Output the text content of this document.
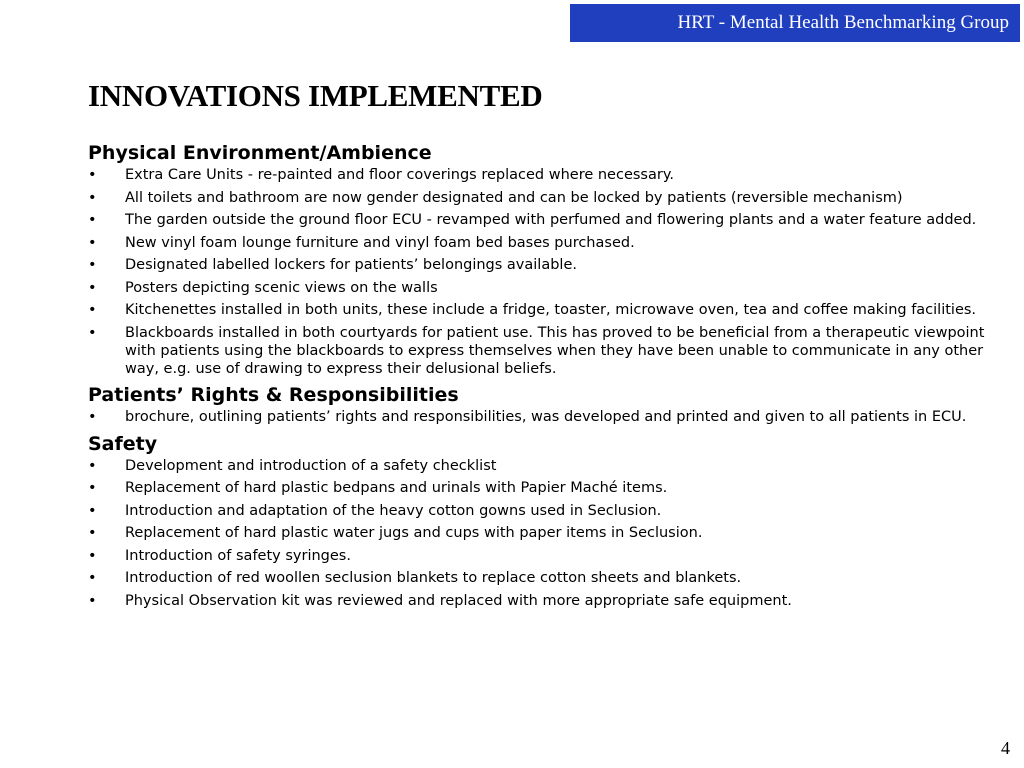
HRT - Mental Health Benchmarking Group
INNOVATIONS IMPLEMENTED
Physical Environment/Ambience
• Extra Care Units - re-painted and floor coverings replaced where necessary.
• All toilets and bathroom are now gender designated and can be locked by patients (reversible mechanism)
• The garden outside the ground floor ECU - revamped with perfumed and flowering plants and a water feature added.
• New vinyl foam lounge furniture and vinyl foam bed bases purchased.
• Designated labelled lockers for patients’ belongings available.
• Posters depicting scenic views on the walls
• Kitchenettes installed in both units, these include a fridge, toaster, microwave oven, tea and coffee making facilities.
• Blackboards installed in both courtyards for patient use. This has proved to be beneficial from a therapeutic viewpoint with patients using the blackboards to express themselves when they have been unable to communicate in any other way, e.g. use of drawing to express their delusional beliefs.
Patients’ Rights & Responsibilities
• brochure, outlining patients’ rights and responsibilities, was developed and printed and given to all patients in ECU.
Safety
• Development and introduction of a safety checklist
• Replacement of hard plastic bedpans and urinals with Papier Maché items.
• Introduction and adaptation of the heavy cotton gowns used in Seclusion.
• Replacement of hard plastic water jugs and cups with paper items in Seclusion.
• Introduction of safety syringes.
• Introduction of red woollen seclusion blankets to replace cotton sheets and blankets.
• Physical Observation kit was reviewed and replaced with more appropriate safe equipment.
4
